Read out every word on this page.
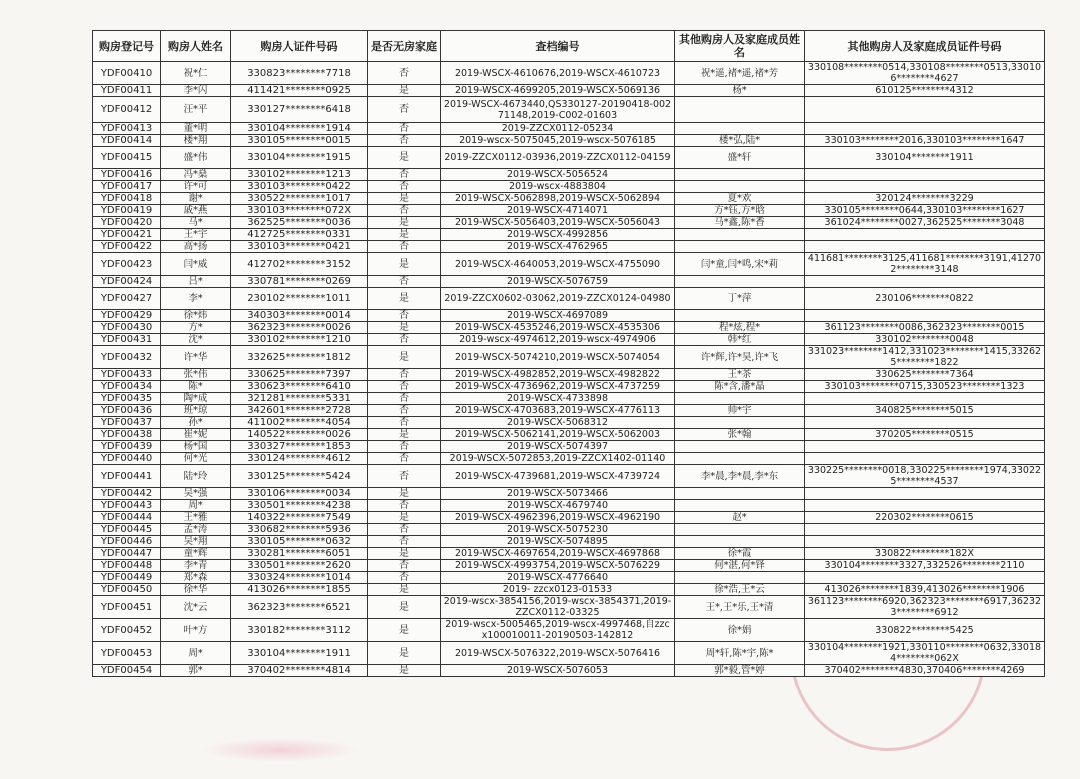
购房登记号	购房人姓名	购房人证件号码	是否无房家庭	查档编号	其他购房人及家庭成员姓名	其他购房人及家庭成员证件号码
YDF00410	祝*仁	330823********7718	否	2019-WSCX-4610676,2019-WSCX-4610723	祝*遥,褚*遥,褚*芳	330108********0514,330108********0513,330106********4627
YDF00411	李*闪	411421********0925	是	2019-WSCX-4699205,2019-WSCX-5069136	杨*	610125********4312
YDF00412	汪*平	330127********6418	否	2019-WSCX-4673440,QS330127-20190418-00271148,2019-C002-01603		
YDF00413	董*明	330104********1914	否	2019-ZZCX0112-05234		
YDF00414	楼*翔	330105********0015	否	2019-wscx-5075045,2019-wscx-5076185	楼*弘,陆*	330103********2016,330103********1647
YDF00415	盛*伟	330104********1915	是	2019-ZZCX0112-03936,2019-ZZCX0112-04159	盛*轩	330104********1911
YDF00416	冯*燊	330102********1213	否	2019-WSCX-5056524		
YDF00417	许*可	330103********0422	否	2019-wscx-4883804		
YDF00418	谢*	330522********1017	是	2019-WSCX-5062898,2019-WSCX-5062894	夏*欢	320124********3229
YDF00419	戚*燕	330103********072X	否	2019-WSCX-4714071	方*钰,方*晗	330105********0644,330103********1627
YDF00420	马*	362525********0036	是	2019-WSCX-5056403,2019-WSCX-5056043	马*鑫,陈*香	361024********0027,362525********3048
YDF00421	王*宇	412725********0331	是	2019-WSCX-4992856		
YDF00422	高*扬	330103********0421	否	2019-WSCX-4762965		
YDF00423	闫*威	412702********3152	是	2019-WSCX-4640053,2019-WSCX-4755090	闫*童,闫*鸣,宋*莉	411681********3125,411681********3191,412702********3148
YDF00424	吕*	330781********0269	否	2019-WSCX-5076759		
YDF00427	李*	230102********1011	是	2019-ZZCX0602-03062,2019-ZZCX0124-04980	丁*萍	230106********0822
YDF00429	徐*炜	340303********0014	否	2019-WSCX-4697089		
YDF00430	方*	362323********0026	是	2019-WSCX-4535246,2019-WSCX-4535306	程*炫,程*	361123********0086,362323********0015
YDF00431	沈*	330102********1210	否	2019-wscx-4974612,2019-wscx-4974906	韩*红	330102********0048
YDF00432	许*华	332625********1812	是	2019-WSCX-5074210,2019-WSCX-5074054	许*辉,许*昊,许*飞	331023********1412,331023********1415,332625********1822
YDF00433	张*伟	330625********7397	否	2019-WSCX-4982852,2019-WSCX-4982822	王*茶	330625********7364
YDF00434	陈*	330623********6410	否	2019-WSCX-4736962,2019-WSCX-4737259	陈*含,潘*晶	330103********0715,330523********1323
YDF00435	陶*成	321281********5331	否	2019-WSCX-4733898		
YDF00436	班*琼	342601********2728	否	2019-WSCX-4703683,2019-WSCX-4776113	帅*宇	340825********5015
YDF00437	孙*	411002********4054	否	2019-WSCX-5068312		
YDF00438	崔*妮	140522********0026	是	2019-WSCX-5062141,2019-WSCX-5062003	张*翰	370205********0515
YDF00439	杨*国	330327********1853	否	2019-WSCX-5074397		
YDF00440	何*光	330124********4612	否	2019-WSCX-5072853,2019-ZZCX1402-01140		
YDF00441	陆*玲	330125********5424	否	2019-WSCX-4739681,2019-WSCX-4739724	李*晨,李*晨,李*东	330225********0018,330225********1974,330225********4537
YDF00442	吴*强	330106********0034	是	2019-WSCX-5073466		
YDF00443	周*	330501********4238	否	2019-WSCX-4679740		
YDF00444	王*雅	140322********7549	是	2019-WSCX-4962396,2019-WSCX-4962190	赵*	220302********0615
YDF00445	孟*涛	330682********5936	否	2019-WSCX-5075230		
YDF00446	吴*翔	330105********0632	否	2019-WSCX-5074895		
YDF00447	童*辉	330281********6051	是	2019-WSCX-4697654,2019-WSCX-4697868	徐*霞	330822********182X
YDF00448	李*青	330501********2620	否	2019-WSCX-4993754,2019-WSCX-5076229	何*湛,何*铎	330104********3327,332526********2110
YDF00449	郑*森	330324********1014	否	2019-WSCX-4776640		
YDF00450	徐*华	413026********1855	是	2019- zzcx0123-01533	徐*浩,王*云	413026********1839,413026********1906
YDF00451	沈*云	362323********6521	是	2019-wscx-3854156,2019-wscx-3854371,2019-ZZCX0112-03325	王*,王*乐,王*清	361123********6920,362323********6917,362323********6912
YDF00452	叶*方	330182********3112	是	2019-wscx-5005465,2019-wscx-4997468,自zzcx100010011-20190503-142812	徐*娟	330822********5425
YDF00453	周*	330104********1911	是	2019-WSCX-5076322,2019-WSCX-5076416	周*轩,陈*宇,陈*	330104********1921,330110********0632,330184********062X
YDF00454	郭*	370402********4814	是	2019-WSCX-5076053	郭*毅,管*婷	370402********4830,370406********4269
